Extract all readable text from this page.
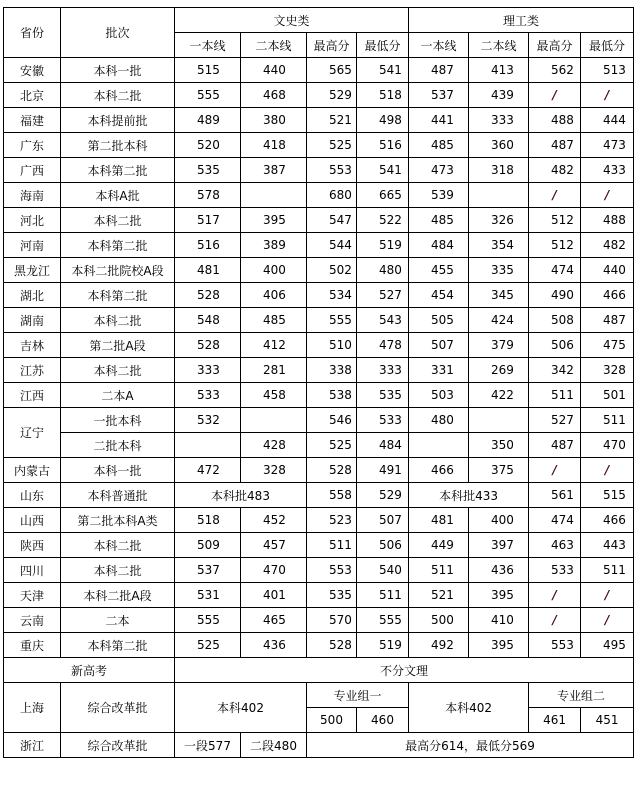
省份	批次	文史类				理工类			
		一本线	二本线	最高分	最低分	一本线	二本线	最高分	最低分
安徽	本科一批	515	440	565	541	487	413	562	513
北京	本科二批	555	468	529	518	537	439	/	/
福建	本科提前批	489	380	521	498	441	333	488	444
广东	第二批本科	520	418	525	516	485	360	487	473
广西	本科第二批	535	387	553	541	473	318	482	433
海南	本科A批	578		680	665	539		/	/
河北	本科二批	517	395	547	522	485	326	512	488
河南	本科第二批	516	389	544	519	484	354	512	482
黑龙江	本科二批院校A段	481	400	502	480	455	335	474	440
湖北	本科第二批	528	406	534	527	454	345	490	466
湖南	本科二批	548	485	555	543	505	424	508	487
吉林	第二批A段	528	412	510	478	507	379	506	475
江苏	本科二批	333	281	338	333	331	269	342	328
江西	二本A	533	458	538	535	503	422	511	501
辽宁	一批本科	532		546	533	480		527	511
	二批本科		428	525	484		350	487	470
内蒙古	本科一批	472	328	528	491	466	375	/	/
山东	本科普通批	本科批483		558	529	本科批433		561	515
山西	第二批本科A类	518	452	523	507	481	400	474	466
陕西	本科二批	509	457	511	506	449	397	463	443
四川	本科二批	537	470	553	540	511	436	533	511
天津	本科二批A段	531	401	535	511	521	395	/	/
云南	二本	555	465	570	555	500	410	/	/
重庆	本科第二批	525	436	528	519	492	395	553	495
新高考		不分文理							
上海	综合改革批	本科402		专业组一		本科402		专业组二	
				500	460			461	451
浙江	综合改革批	一段577	二段480	最高分614，最低分569					
